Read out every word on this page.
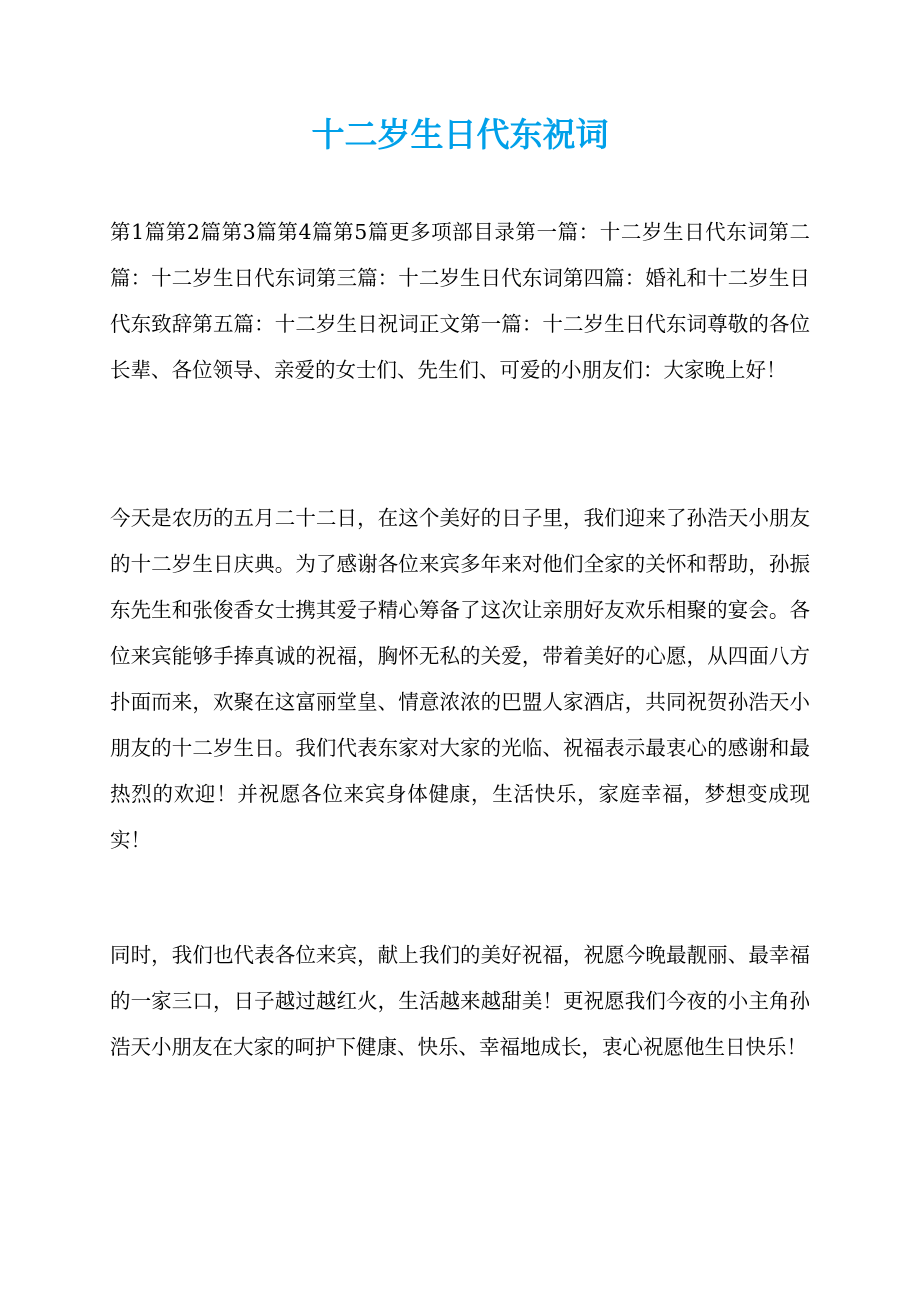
十二岁生日代东祝词

第1篇第2篇第3篇第4篇第5篇更多项部目录第一篇：十二岁生日代东词第二篇：十二岁生日代东词第三篇：十二岁生日代东词第四篇：婚礼和十二岁生日代东致辞第五篇：十二岁生日祝词正文第一篇：十二岁生日代东词尊敬的各位长辈、各位领导、亲爱的女士们、先生们、可爱的小朋友们：大家晚上好！

今天是农历的五月二十二日，在这个美好的日子里，我们迎来了孙浩天小朋友的十二岁生日庆典。为了感谢各位来宾多年来对他们全家的关怀和帮助，孙振东先生和张俊香女士携其爱子精心筹备了这次让亲朋好友欢乐相聚的宴会。各位来宾能够手捧真诚的祝福，胸怀无私的关爱，带着美好的心愿，从四面八方扑面而来，欢聚在这富丽堂皇、情意浓浓的巴盟人家酒店，共同祝贺孙浩天小朋友的十二岁生日。我们代表东家对大家的光临、祝福表示最衷心的感谢和最热烈的欢迎！并祝愿各位来宾身体健康，生活快乐，家庭幸福，梦想变成现实！

同时，我们也代表各位来宾，献上我们的美好祝福，祝愿今晚最靓丽、最幸福的一家三口，日子越过越红火，生活越来越甜美！更祝愿我们今夜的小主角孙浩天小朋友在大家的呵护下健康、快乐、幸福地成长，衷心祝愿他生日快乐！
